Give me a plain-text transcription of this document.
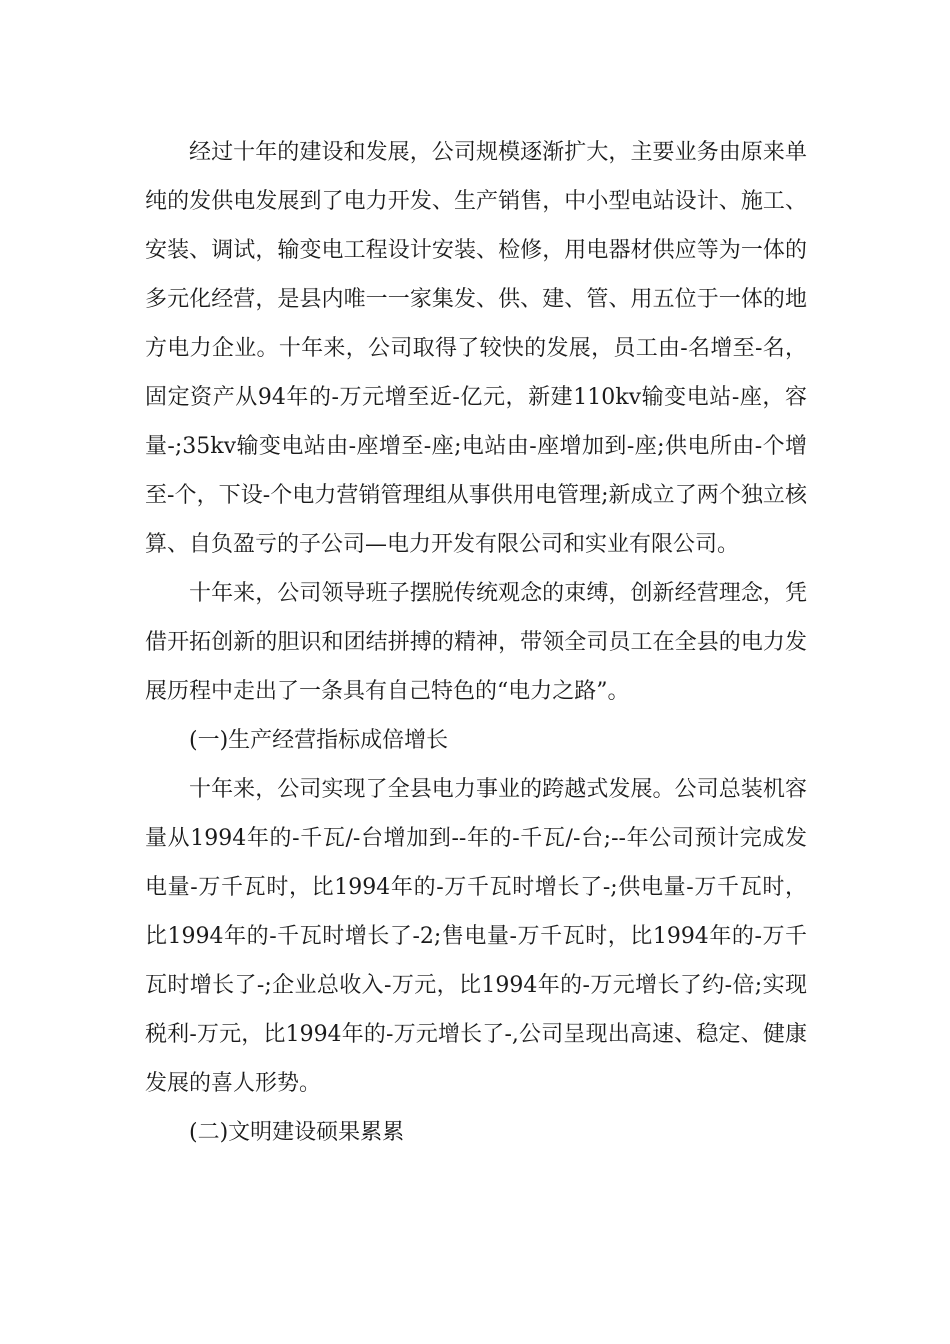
经过十年的建设和发展，公司规模逐渐扩大，主要业务由原来单纯的发供电发展到了电力开发、生产销售，中小型电站设计、施工、安装、调试，输变电工程设计安装、检修，用电器材供应等为一体的多元化经营，是县内唯一一家集发、供、建、管、用五位于一体的地方电力企业。十年来，公司取得了较快的发展，员工由-名增至-名，固定资产从94年的-万元增至近-亿元，新建110kv输变电站-座，容量-;35kv输变电站由-座增至-座;电站由-座增加到-座;供电所由-个增至-个，下设-个电力营销管理组从事供用电管理;新成立了两个独立核算、自负盈亏的子公司—电力开发有限公司和实业有限公司。

十年来，公司领导班子摆脱传统观念的束缚，创新经营理念，凭借开拓创新的胆识和团结拼搏的精神，带领全司员工在全县的电力发展历程中走出了一条具有自己特色的“电力之路”。

(一)生产经营指标成倍增长

十年来，公司实现了全县电力事业的跨越式发展。公司总装机容量从1994年的-千瓦/-台增加到--年的-千瓦/-台;--年公司预计完成发电量-万千瓦时，比1994年的-万千瓦时增长了-;供电量-万千瓦时，比1994年的-千瓦时增长了-2;售电量-万千瓦时，比1994年的-万千瓦时增长了-;企业总收入-万元，比1994年的-万元增长了约-倍;实现税利-万元，比1994年的-万元增长了-,公司呈现出高速、稳定、健康发展的喜人形势。

(二)文明建设硕果累累
